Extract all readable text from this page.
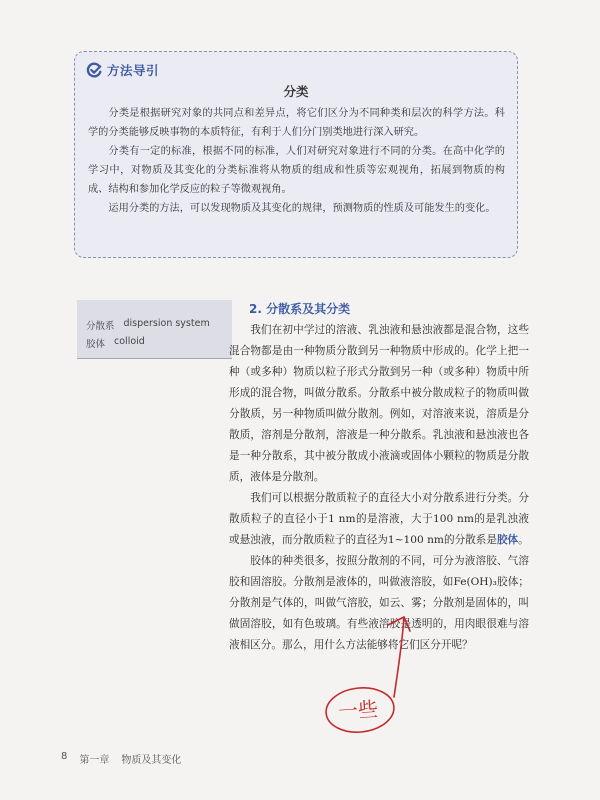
方法导引
分类

分类是根据研究对象的共同点和差异点，将它们区分为不同种类和层次的科学方法。科学的分类能够反映事物的本质特征，有利于人们分门别类地进行深入研究。

分类有一定的标准，根据不同的标准，人们对研究对象进行不同的分类。在高中化学的学习中，对物质及其变化的分类标准将从物质的组成和性质等宏观视角，拓展到物质的构成、结构和参加化学反应的粒子等微观视角。

运用分类的方法，可以发现物质及其变化的规律，预测物质的性质及可能发生的变化。

分散系 dispersion system
胶体 colloid
2. 分散系及其分类

我们在初中学过的溶液、乳浊液和悬浊液都是混合物，这些混合物都是由一种物质分散到另一种物质中形成的。化学上把一种（或多种）物质以粒子形式分散到另一种（或多种）物质中所形成的混合物，叫做分散系。分散系中被分散成粒子的物质叫做分散质，另一种物质叫做分散剂。例如，对溶液来说，溶质是分散质，溶剂是分散剂，溶液是一种分散系。乳浊液和悬浊液也各是一种分散系，其中被分散成小液滴或固体小颗粒的物质是分散质，液体是分散剂。

我们可以根据分散质粒子的直径大小对分散系进行分类。分散质粒子的直径小于1 nm的是溶液，大于100 nm的是乳浊液或悬浊液，而分散质粒子的直径为1~100 nm的分散系是胶体。

胶体的种类很多，按照分散剂的不同，可分为液溶胶、气溶胶和固溶胶。分散剂是液体的，叫做液溶胶，如Fe(OH)₃胶体；分散剂是气体的，叫做气溶胶，如云、雾；分散剂是固体的，叫做固溶胶，如有色玻璃。有些液溶胶是透明的，用肉眼很难与溶液相区分。那么，用什么方法能够将它们区分开呢？

一些
8 第一章 物质及其变化
